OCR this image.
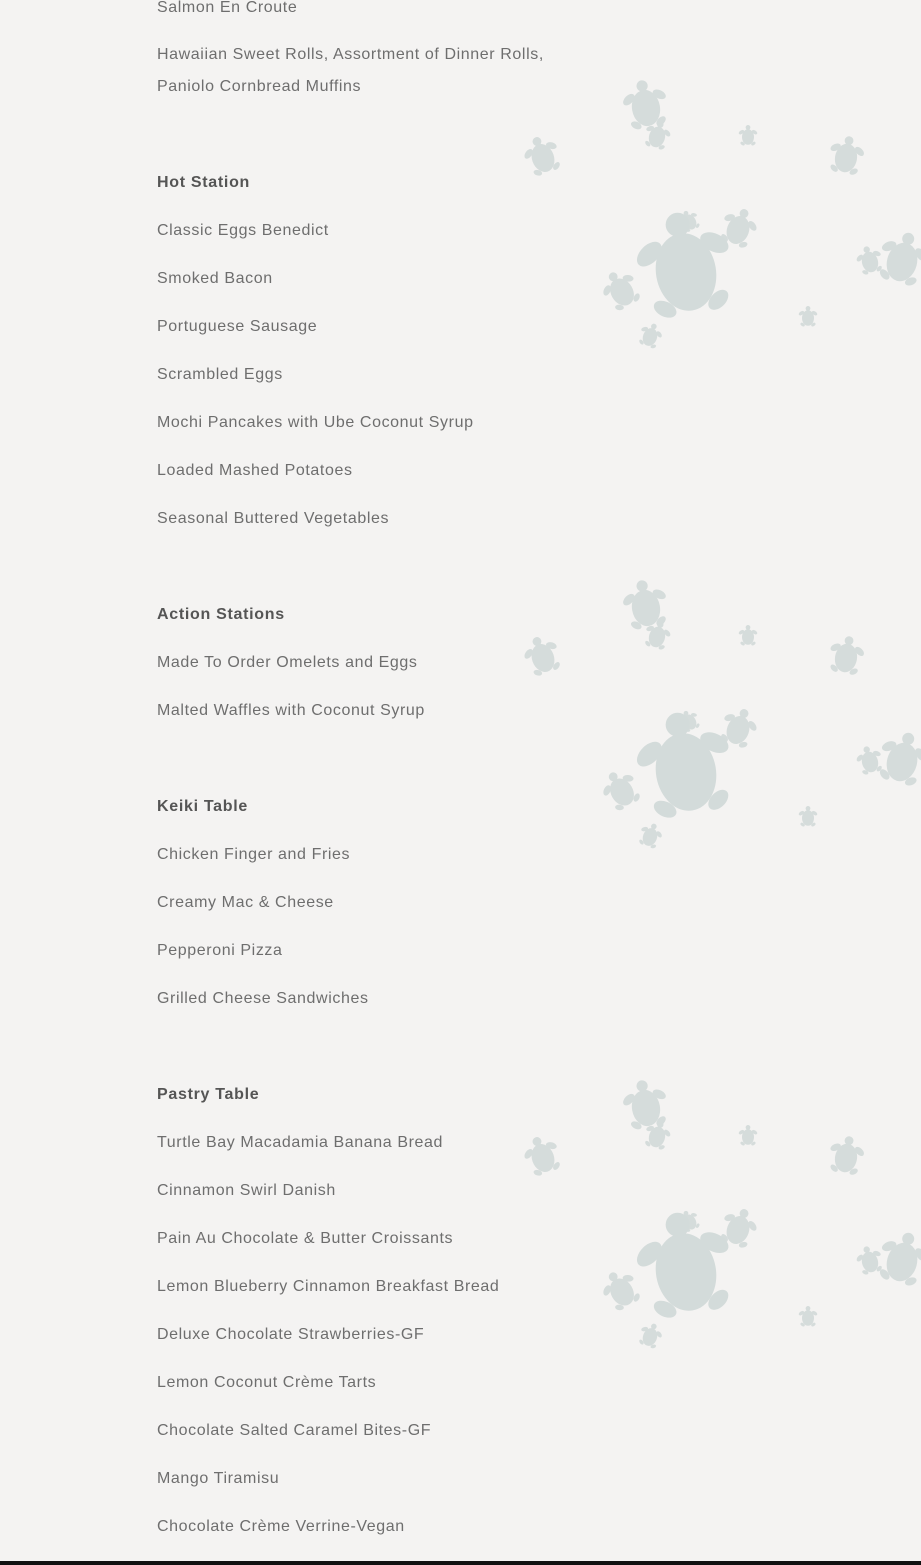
Salmon En Croute
Hawaiian Sweet Rolls, Assortment of Dinner Rolls,
Paniolo Cornbread Muffins
Hot Station
Classic Eggs Benedict
Smoked Bacon
Portuguese Sausage
Scrambled Eggs
Mochi Pancakes with Ube Coconut Syrup
Loaded Mashed Potatoes
Seasonal Buttered Vegetables
Action Stations
Made To Order Omelets and Eggs
Malted Waffles with Coconut Syrup
Keiki Table
Chicken Finger and Fries
Creamy Mac & Cheese
Pepperoni Pizza
Grilled Cheese Sandwiches
Pastry Table
Turtle Bay Macadamia Banana Bread
Cinnamon Swirl Danish
Pain Au Chocolate & Butter Croissants
Lemon Blueberry Cinnamon Breakfast Bread
Deluxe Chocolate Strawberries-GF
Lemon Coconut Crème Tarts
Chocolate Salted Caramel Bites-GF
Mango Tiramisu
Chocolate Crème Verrine-Vegan
